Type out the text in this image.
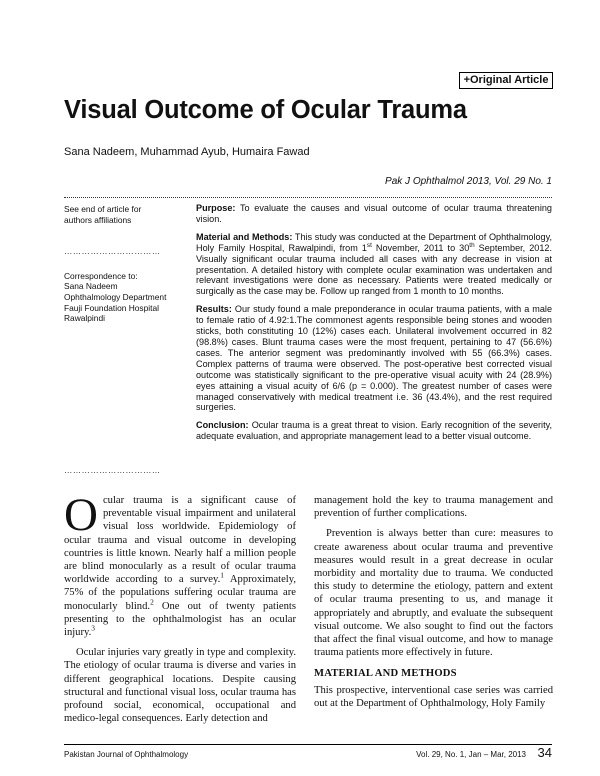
+Original Article
Visual Outcome of Ocular Trauma
Sana Nadeem, Muhammad Ayub, Humaira Fawad
Pak J Ophthalmol 2013, Vol. 29 No. 1
See end of article for
authors affiliations
……………………………
Correspondence to:
Sana Nadeem
Ophthalmology Department
Fauji Foundation Hospital
Rawalpindi
……………………………

Purpose: To evaluate the causes and visual outcome of ocular trauma threatening vision.

Material and Methods: This study was conducted at the Department of Ophthalmology, Holy Family Hospital, Rawalpindi, from 1st November, 2011 to 30th September, 2012. Visually significant ocular trauma included all cases with any decrease in vision at presentation. A detailed history with complete ocular examination was undertaken and relevant investigations were done as necessary. Patients were treated medically or surgically as the case may be. Follow up ranged from 1 month to 10 months.

Results: Our study found a male preponderance in ocular trauma patients, with a male to female ratio of 4.92:1.The commonest agents responsible being stones and wooden sticks, both constituting 10 (12%) cases each. Unilateral involvement occurred in 82 (98.8%) cases. Blunt trauma cases were the most frequent, pertaining to 47 (56.6%) cases. The anterior segment was predominantly involved with 55 (66.3%) cases. Complex patterns of trauma were observed. The post-operative best corrected visual outcome was statistically significant to the pre-operative visual acuity with 24 (28.9%) eyes attaining a visual acuity of 6/6 (p = 0.000). The greatest number of cases were managed conservatively with medical treatment i.e. 36 (43.4%), and the rest required surgeries.

Conclusion: Ocular trauma is a great threat to vision. Early recognition of the severity, adequate evaluation, and appropriate management lead to a better visual outcome.

Ocular trauma is a significant cause of preventable visual impairment and unilateral visual loss worldwide. Epidemiology of ocular trauma and visual outcome in developing countries is little known. Nearly half a million people are blind monocularly as a result of ocular trauma worldwide according to a survey.$^1$ Approximately, 75% of the populations suffering ocular trauma are monocularly blind.$^2$ One out of twenty patients presenting to the ophthalmologist has an ocular injury.$^3$

Ocular injuries vary greatly in type and complexity. The etiology of ocular trauma is diverse and varies in different geographical locations. Despite causing structural and functional visual loss, ocular trauma has profound social, economical, occupational and medico-legal consequences. Early detection and

management hold the key to trauma management and prevention of further complications.

Prevention is always better than cure: measures to create awareness about ocular trauma and preventive measures would result in a great decrease in ocular morbidity and mortality due to trauma. We conducted this study to determine the etiology, pattern and extent of ocular trauma presenting to us, and manage it appropriately and abruptly, and evaluate the subsequent visual outcome. We also sought to find out the factors that affect the final visual outcome, and how to manage trauma patients more effectively in future.

MATERIAL AND METHODS

This prospective, interventional case series was carried out at the Department of Ophthalmology, Holy Family

Pakistan Journal of Ophthalmology	Vol. 29, No. 1, Jan – Mar, 2013 34
